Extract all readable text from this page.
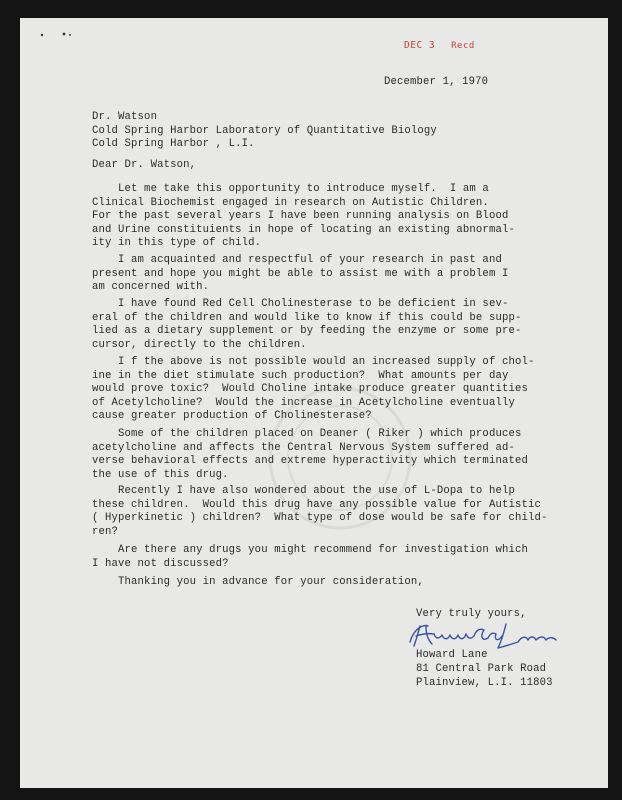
DEC 3 Recd
December 1, 1970
Dr. Watson
Cold Spring Harbor Laboratory of Quantitative Biology
Cold Spring Harbor , L.I.
Dear Dr. Watson,
Let me take this opportunity to introduce myself.  I am a
Clinical Biochemist engaged in research on Autistic Children.
For the past several years I have been running analysis on Blood
and Urine constituients in hope of locating an existing abnormal-
ity in this type of child.
I am acquainted and respectful of your research in past and
present and hope you might be able to assist me with a problem I
am concerned with.
I have found Red Cell Cholinesterase to be deficient in sev-
eral of the children and would like to know if this could be supp-
lied as a dietary supplement or by feeding the enzyme or some pre-
cursor, directly to the children.
I f the above is not possible would an increased supply of chol-
ine in the diet stimulate such production?  What amounts per day
would prove toxic?  Would Choline intake produce greater quantities
of Acetylcholine?  Would the increase in Acetylcholine eventually
cause greater production of Cholinesterase?
Some of the children placed on Deaner ( Riker ) which produces
acetylcholine and affects the Central Nervous System suffered ad-
verse behavioral effects and extreme hyperactivity which terminated
the use of this drug.
Recently I have also wondered about the use of L-Dopa to help
these children.  Would this drug have any possible value for Autistic
( Hyperkinetic ) children?  What type of dose would be safe for child-
ren?
Are there any drugs you might recommend for investigation which
I have not discussed?
Thanking you in advance for your consideration,
Very truly yours,
Howard Lane
81 Central Park Road
Plainview, L.I. 11803
